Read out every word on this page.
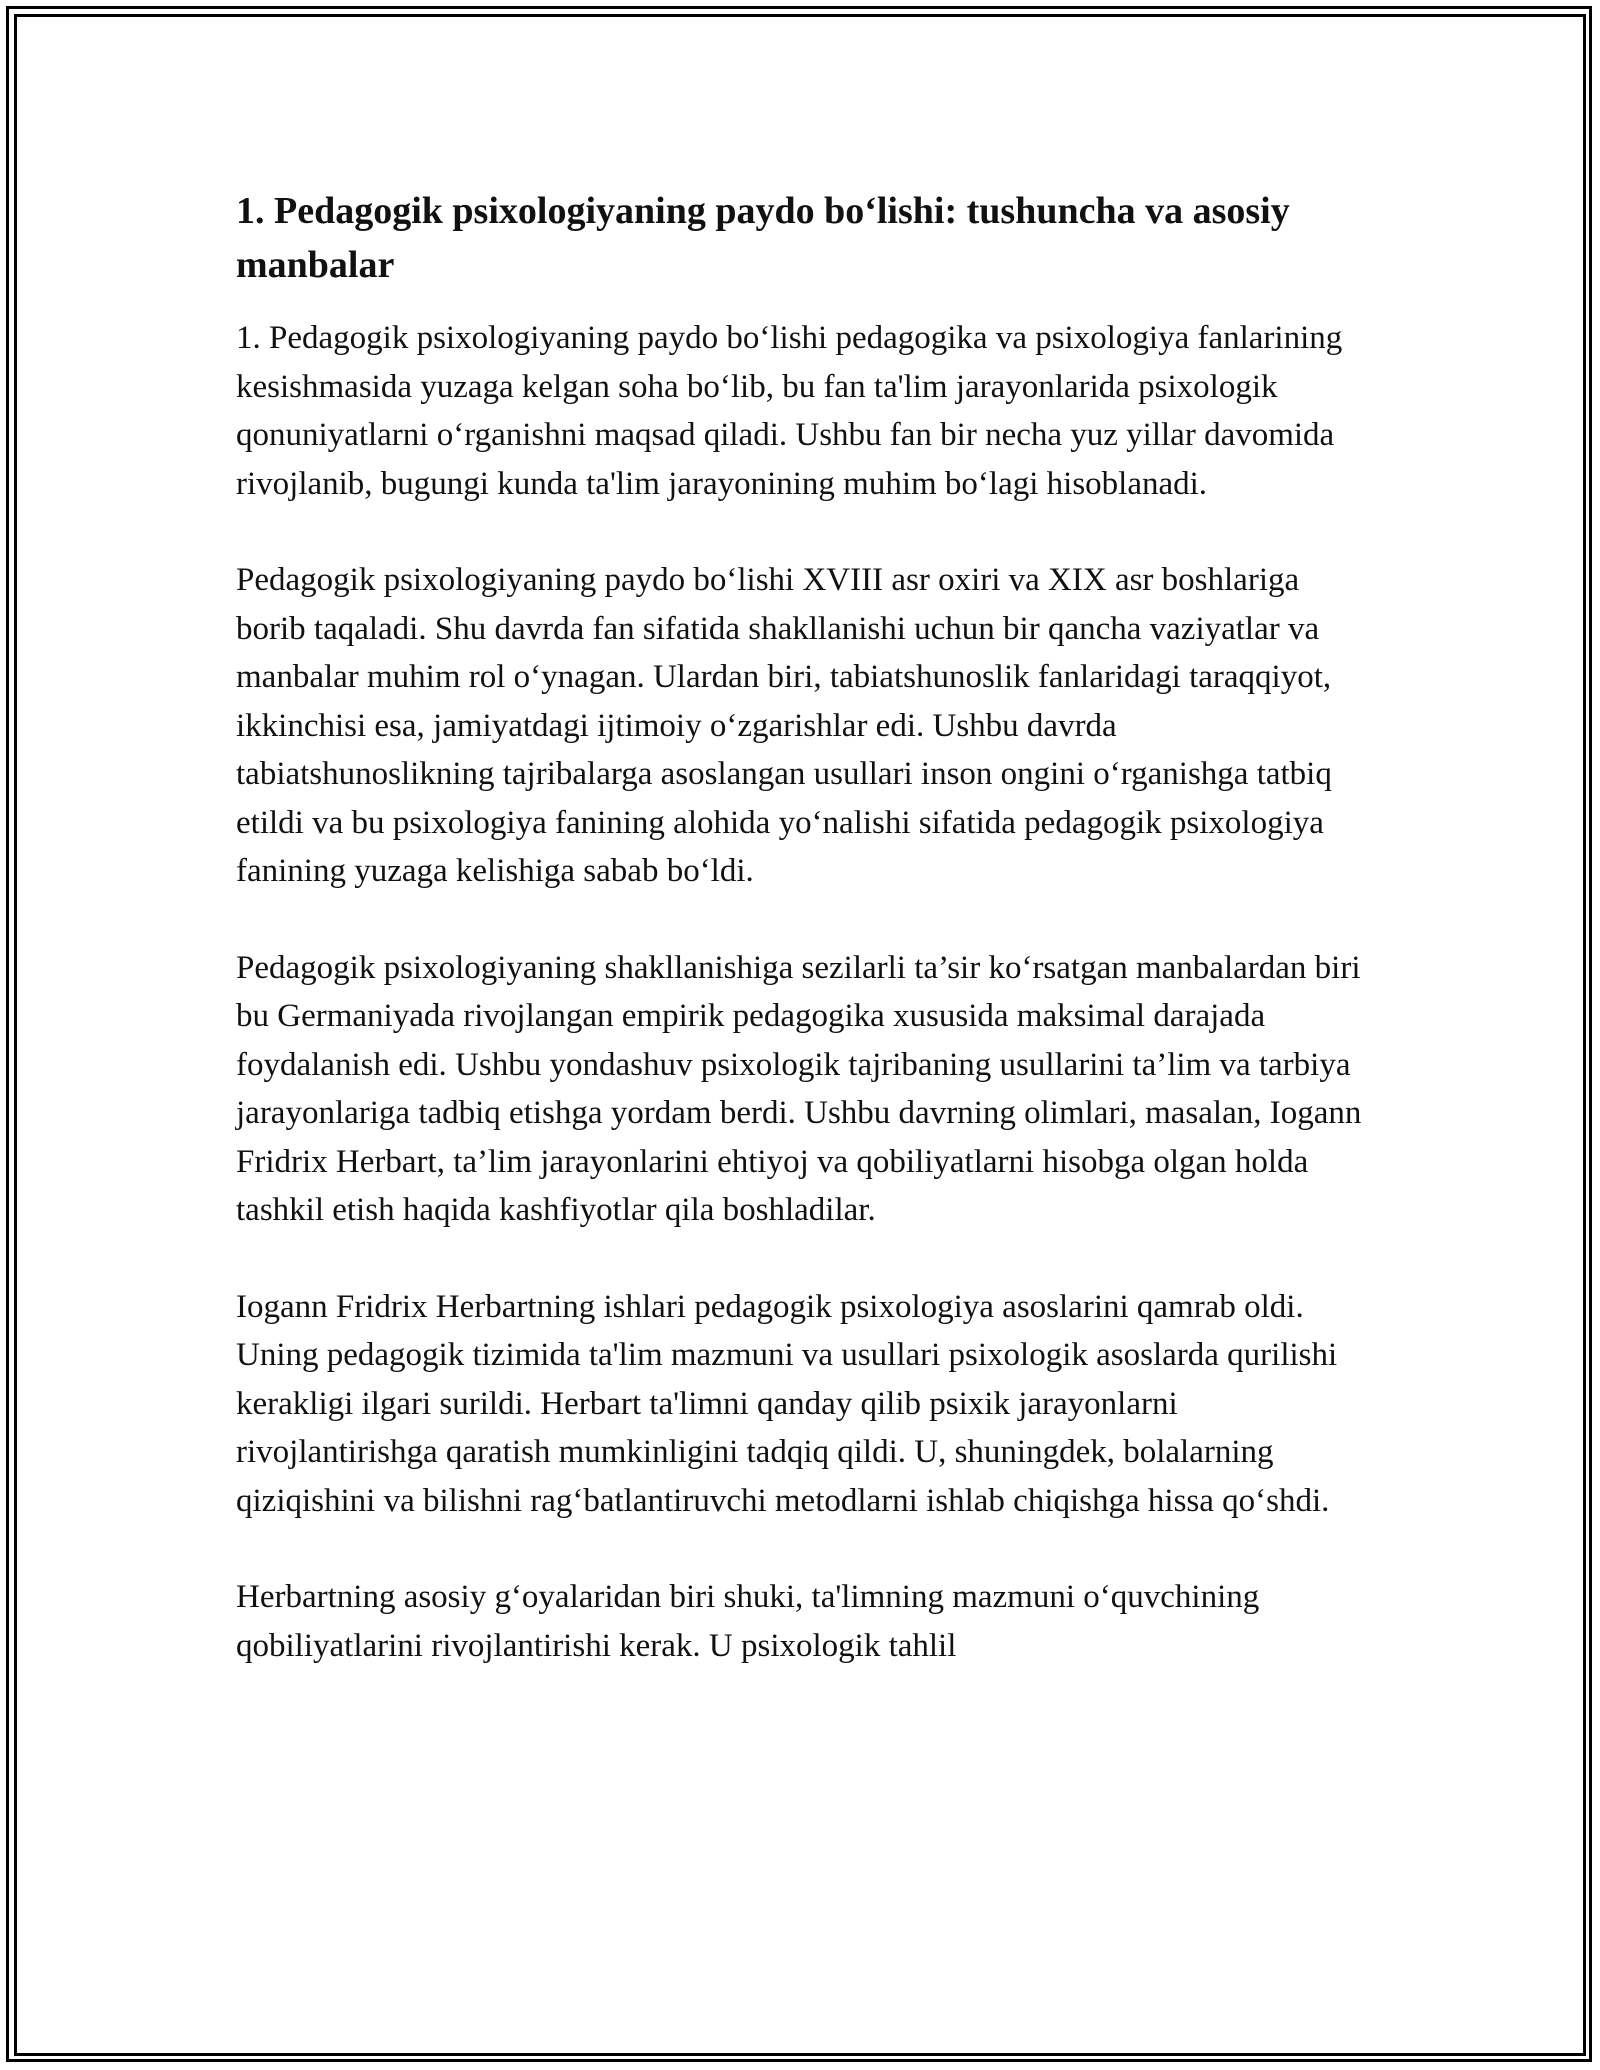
1. Pedagogik psixologiyaning paydo bo‘lishi: tushuncha va asosiy manbalar

1. Pedagogik psixologiyaning paydo bo‘lishi pedagogika va psixologiya fanlarining kesishmasida yuzaga kelgan soha bo‘lib, bu fan ta'lim jarayonlarida psixologik qonuniyatlarni o‘rganishni maqsad qiladi. Ushbu fan bir necha yuz yillar davomida rivojlanib, bugungi kunda ta'lim jarayonining muhim bo‘lagi hisoblanadi.

Pedagogik psixologiyaning paydo bo‘lishi XVIII asr oxiri va XIX asr boshlariga borib taqaladi. Shu davrda fan sifatida shakllanishi uchun bir qancha vaziyatlar va manbalar muhim rol o‘ynagan. Ulardan biri, tabiatshunoslik fanlaridagi taraqqiyot, ikkinchisi esa, jamiyatdagi ijtimoiy o‘zgarishlar edi. Ushbu davrda tabiatshunoslikning tajribalarga asoslangan usullari inson ongini o‘rganishga tatbiq etildi va bu psixologiya fanining alohida yo‘nalishi sifatida pedagogik psixologiya fanining yuzaga kelishiga sabab bo‘ldi.

Pedagogik psixologiyaning shakllanishiga sezilarli ta’sir ko‘rsatgan manbalardan biri bu Germaniyada rivojlangan empirik pedagogika xususida maksimal darajada foydalanish edi. Ushbu yondashuv psixologik tajribaning usullarini ta’lim va tarbiya jarayonlariga tadbiq etishga yordam berdi. Ushbu davrning olimlari, masalan, Iogann Fridrix Herbart, ta’lim jarayonlarini ehtiyoj va qobiliyatlarni hisobga olgan holda tashkil etish haqida kashfiyotlar qila boshladilar.

Iogann Fridrix Herbartning ishlari pedagogik psixologiya asoslarini qamrab oldi. Uning pedagogik tizimida ta'lim mazmuni va usullari psixologik asoslarda qurilishi kerakligi ilgari surildi. Herbart ta'limni qanday qilib psixik jarayonlarni rivojlantirishga qaratish mumkinligini tadqiq qildi. U, shuningdek, bolalarning qiziqishini va bilishni rag‘batlantiruvchi metodlarni ishlab chiqishga hissa qo‘shdi.

Herbartning asosiy g‘oyalaridan biri shuki, ta'limning mazmuni o‘quvchining qobiliyatlarini rivojlantirishi kerak. U psixologik tahlil
